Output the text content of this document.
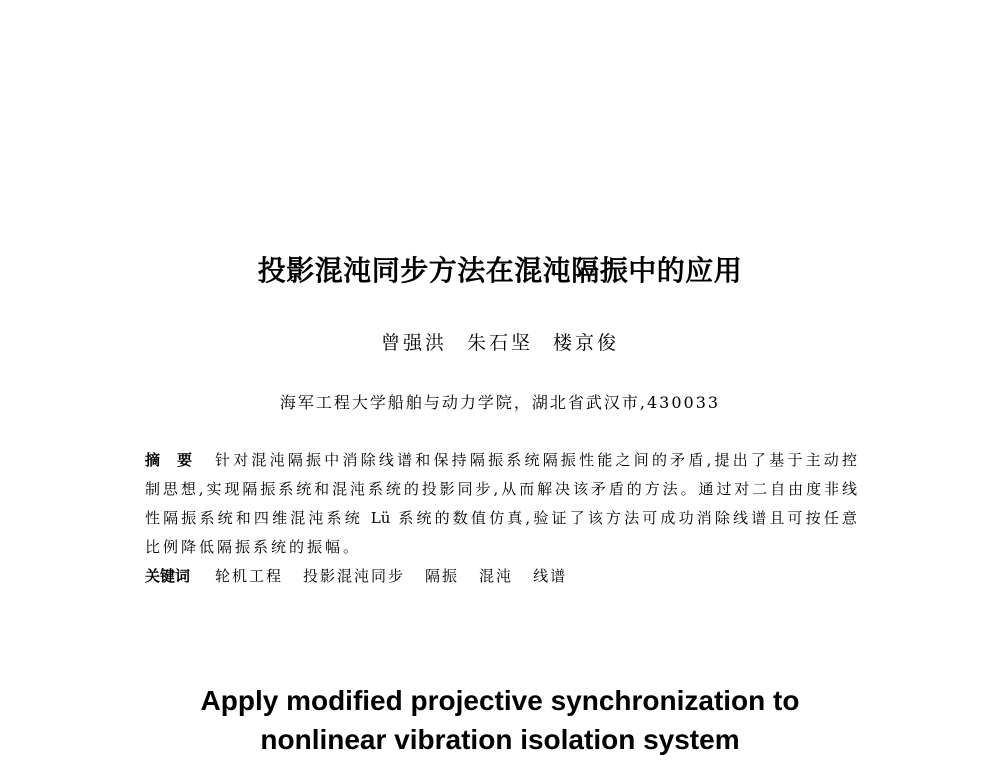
投影混沌同步方法在混沌隔振中的应用
曾强洪 朱石坚 楼京俊
海军工程大学船舶与动力学院，湖北省武汉市,430033
摘　要	针对混沌隔振中消除线谱和保持隔振系统隔振性能之间的矛盾,提出了基于主动控
制思想,实现隔振系统和混沌系统的投影同步,从而解决该矛盾的方法。通过对二自由度非线
性隔振系统和四维混沌系统 Lü 系统的数值仿真,验证了该方法可成功消除线谱且可按任意
比例降低隔振系统的振幅。
关键词	轮机工程 投影混沌同步 隔振 混沌 线谱
Apply modified projective synchronization to
nonlinear vibration isolation system
